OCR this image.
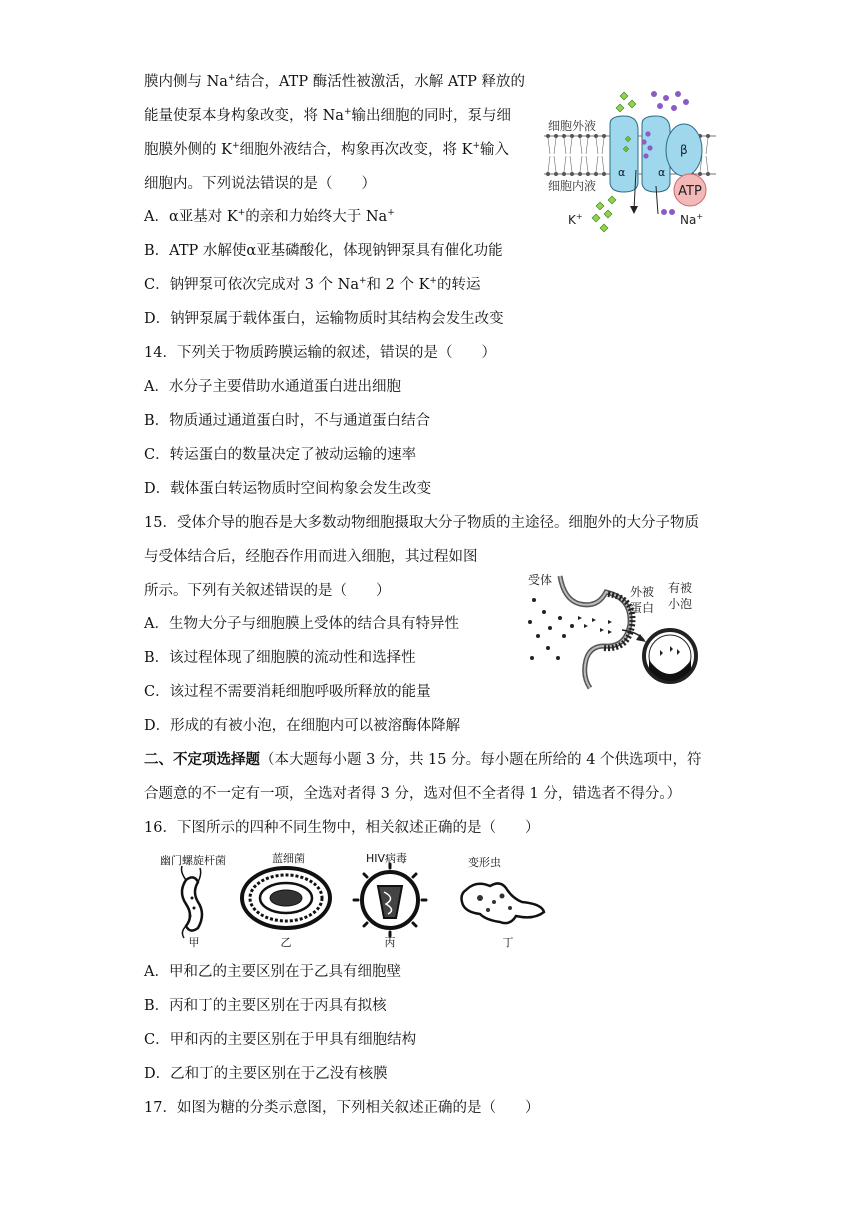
膜内侧与 Na+结合，ATP 酶活性被激活，水解 ATP 释放的
能量使泵本身构象改变，将 Na+输出细胞的同时，泵与细
胞膜外侧的 K+细胞外液结合，构象再次改变，将 K+输入
细胞内。下列说法错误的是（　　）
A．α亚基对 K+的亲和力始终大于 Na+
B．ATP 水解使α亚基磷酸化，体现钠钾泵具有催化功能
C．钠钾泵可依次完成对 3 个 Na+和 2 个 K+的转运
D．钠钾泵属于载体蛋白，运输物质时其结构会发生改变
ATP
细胞外液
细胞内液
α	α
β
K+	Na+
14．下列关于物质跨膜运输的叙述，错误的是（　　）
A．水分子主要借助水通道蛋白进出细胞
B．物质通过通道蛋白时，不与通道蛋白结合
C．转运蛋白的数量决定了被动运输的速率
D．载体蛋白转运物质时空间构象会发生改变
15．受体介导的胞吞是大多数动物细胞摄取大分子物质的主途径。细胞外的大分子物质
与受体结合后，经胞吞作用而进入细胞，其过程如图
所示。下列有关叙述错误的是（　　）
A．生物大分子与细胞膜上受体的结合具有特异性
B．该过程体现了细胞膜的流动性和选择性
C．该过程不需要消耗细胞呼吸所释放的能量
D．形成的有被小泡，在细胞内可以被溶酶体降解
受体
外被
蛋白
有被
小泡
二、不定项选择题（本大题每小题 3 分，共 15 分。每小题在所给的 4 个供选项中，符
合题意的不一定有一项，全选对者得 3 分，选对但不全者得 1 分，错选者不得分。）
16．下图所示的四种不同生物中，相关叙述正确的是（　　）
幽门螺旋杆菌	蓝细菌	HIV病毒	变形虫
甲	乙	丙	丁
A．甲和乙的主要区别在于乙具有细胞壁
B．丙和丁的主要区别在于丙具有拟核
C．甲和丙的主要区别在于甲具有细胞结构
D．乙和丁的主要区别在于乙没有核膜
17．如图为糖的分类示意图，下列相关叙述正确的是（　　）
